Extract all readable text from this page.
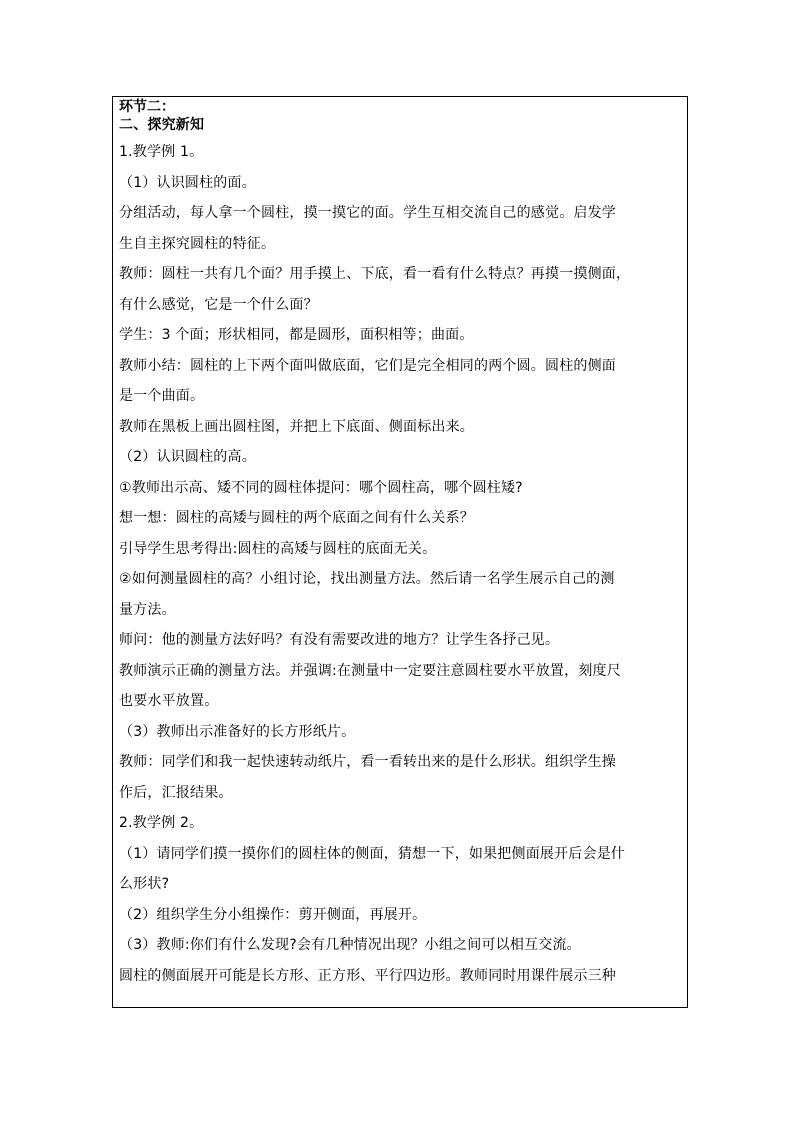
环节二：
二、探究新知
1.教学例 1。
（1）认识圆柱的面。
分组活动，每人拿一个圆柱，摸一摸它的面。学生互相交流自己的感觉。启发学
生自主探究圆柱的特征。
教师：圆柱一共有几个面？用手摸上、下底，看一看有什么特点？再摸一摸侧面，
有什么感觉，它是一个什么面？
学生：3 个面；形状相同，都是圆形，面积相等；曲面。
教师小结：圆柱的上下两个面叫做底面，它们是完全相同的两个圆。圆柱的侧面
是一个曲面。
教师在黑板上画出圆柱图，并把上下底面、侧面标出来。
（2）认识圆柱的高。
①教师出示高、矮不同的圆柱体提问：哪个圆柱高，哪个圆柱矮?
想一想：圆柱的高矮与圆柱的两个底面之间有什么关系？
引导学生思考得出:圆柱的高矮与圆柱的底面无关。
②如何测量圆柱的高？小组讨论，找出测量方法。然后请一名学生展示自己的测
量方法。
师问：他的测量方法好吗？有没有需要改进的地方？让学生各抒己见。
教师演示正确的测量方法。并强调:在测量中一定要注意圆柱要水平放置，刻度尺
也要水平放置。
（3）教师出示准备好的长方形纸片。
教师：同学们和我一起快速转动纸片，看一看转出来的是什么形状。组织学生操
作后，汇报结果。
2.教学例 2。
（1）请同学们摸一摸你们的圆柱体的侧面，猜想一下，如果把侧面展开后会是什
么形状?
（2）组织学生分小组操作：剪开侧面，再展开。
（3）教师:你们有什么发现?会有几种情况出现？小组之间可以相互交流。
圆柱的侧面展开可能是长方形、正方形、平行四边形。教师同时用课件展示三种
